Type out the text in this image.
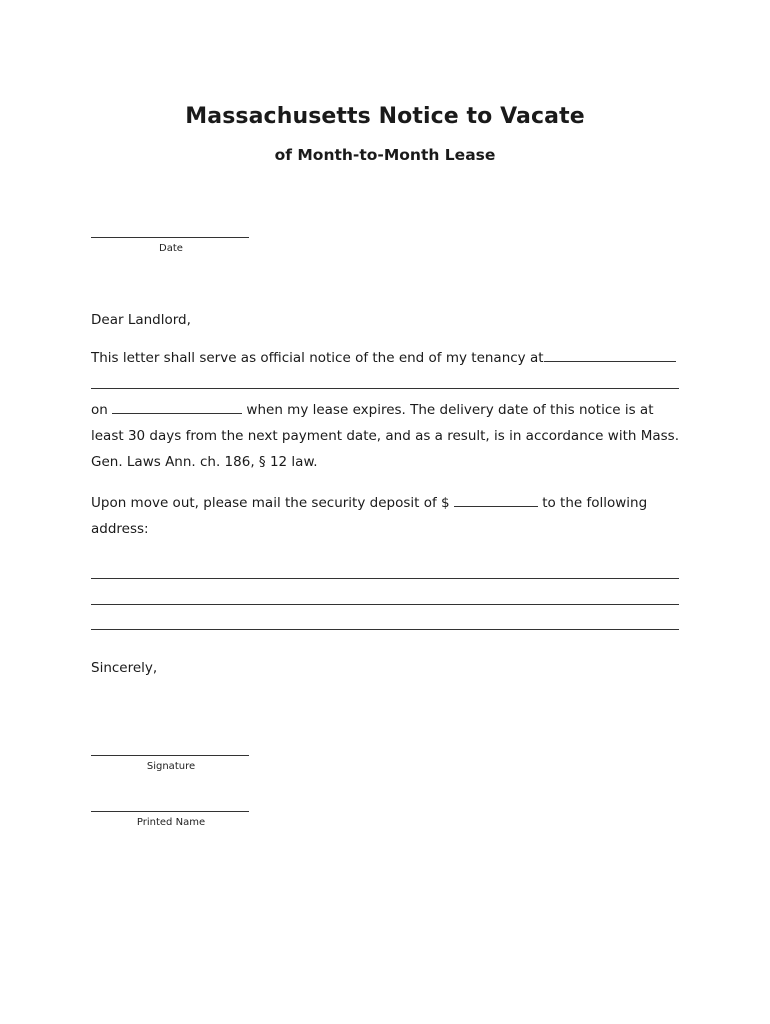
Massachusetts Notice to Vacate
of Month-to-Month Lease
Date
Dear Landlord,
This letter shall serve as official notice of the end of my tenancy at
on	when my lease expires. The delivery date of this notice is at
least 30 days from the next payment date, and as a result, is in accordance with Mass.
Gen. Laws Ann. ch. 186, § 12 law.
Upon move out, please mail the security deposit of $	to the following
address:
Sincerely,
Signature
Printed Name
